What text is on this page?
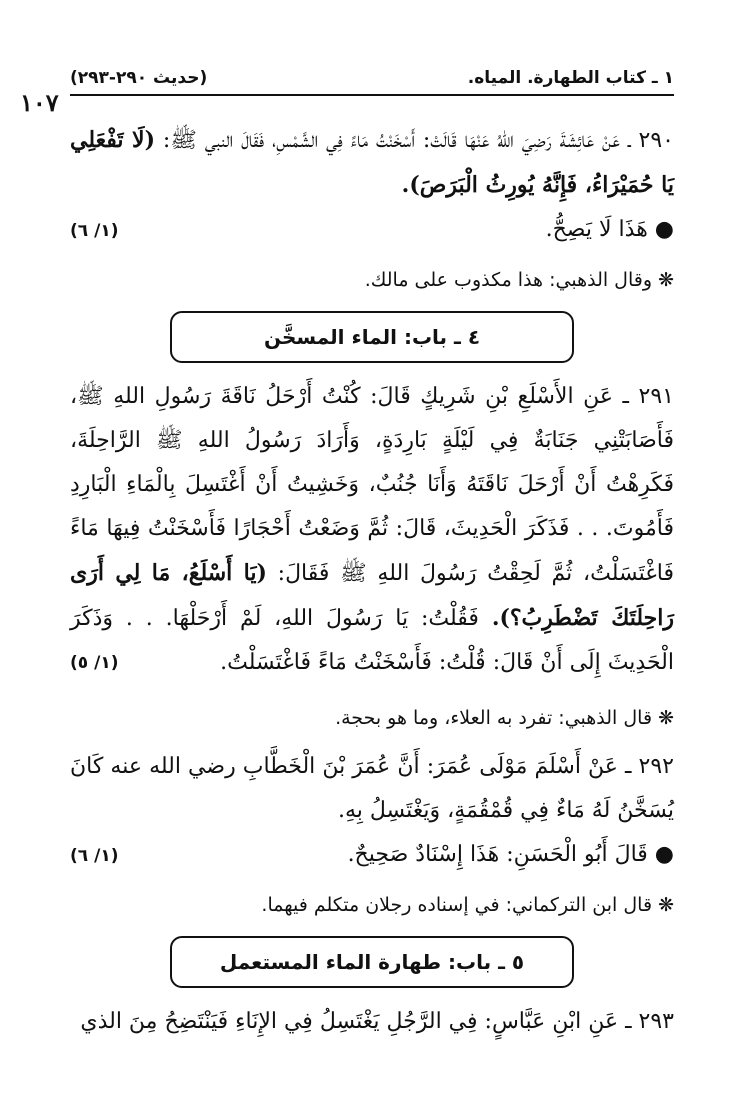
(حديث ٢٩٠-٢٩٣)	١ ـ كتاب الطهارة. المياه.
١٠٧

٢٩٠ ـ عَنْ عَائِشَةَ رَضِيَ اللهُ عَنْهَا قَالَتْ: أَسْخَنْتُ مَاءً فِي الشَّمْسِ، فَقَالَ النبي ﷺ: (لَا تَفْعَلِي يَا حُمَيْرَاءُ، فَإِنَّهُ يُورِثُ الْبَرَصَ).

● هَذَا لَا يَصِحُّ.
(١/ ٦)

❋ وقال الذهبي: هذا مكذوب على مالك.

٤ ـ باب: الماء المسخَّن

٢٩١ ـ عَنِ الأَسْلَعِ بْنِ شَرِيكٍ قَالَ: كُنْتُ أَرْحَلُ نَاقَةَ رَسُولِ اللهِ ﷺ، فَأَصَابَتْنِي جَنَابَةٌ فِي لَيْلَةٍ بَارِدَةٍ، وَأَرَادَ رَسُولُ اللهِ ﷺ الرَّاحِلَةَ، فَكَرِهْتُ أَنْ أَرْحَلَ نَاقَتَهُ وَأَنَا جُنُبٌ، وَخَشِيتُ أَنْ أَغْتَسِلَ بِالْمَاءِ الْبَارِدِ فَأَمُوتَ. . . فَذَكَرَ الْحَدِيثَ، قَالَ: ثُمَّ وَضَعْتُ أَحْجَارًا فَأَسْخَنْتُ فِيهَا مَاءً فَاغْتَسَلْتُ، ثُمَّ لَحِقْتُ رَسُولَ اللهِ ﷺ فَقَالَ: (يَا أَسْلَعُ، مَا لِي أَرَى رَاحِلَتَكَ تَضْطَرِبُ؟). فَقُلْتُ: يَا رَسُولَ اللهِ، لَمْ أَرْحَلْهَا. . . وَذَكَرَ الْحَدِيثَ إِلَى أَنْ قَالَ: قُلْتُ: فَأَسْخَنْتُ مَاءً فَاغْتَسَلْتُ.
(١/ ٥)

❋ قال الذهبي: تفرد به العلاء، وما هو بحجة.

٢٩٢ ـ عَنْ أَسْلَمَ مَوْلَى عُمَرَ: أَنَّ عُمَرَ بْنَ الْخَطَّابِ رضي الله عنه كَانَ يُسَخَّنُ لَهُ مَاءٌ فِي قُمْقُمَةٍ، وَيَغْتَسِلُ بِهِ.

● قَالَ أَبُو الْحَسَنِ: هَذَا إِسْنَادٌ صَحِيحٌ.
(١/ ٦)

❋ قال ابن التركماني: في إسناده رجلان متكلم فيهما.

٥ ـ باب: طهارة الماء المستعمل

٢٩٣ ـ عَنِ ابْنِ عَبَّاسٍ: فِي الرَّجُلِ يَغْتَسِلُ فِي الإِنَاءِ فَيَنْتَضِحُ مِنَ الذي
